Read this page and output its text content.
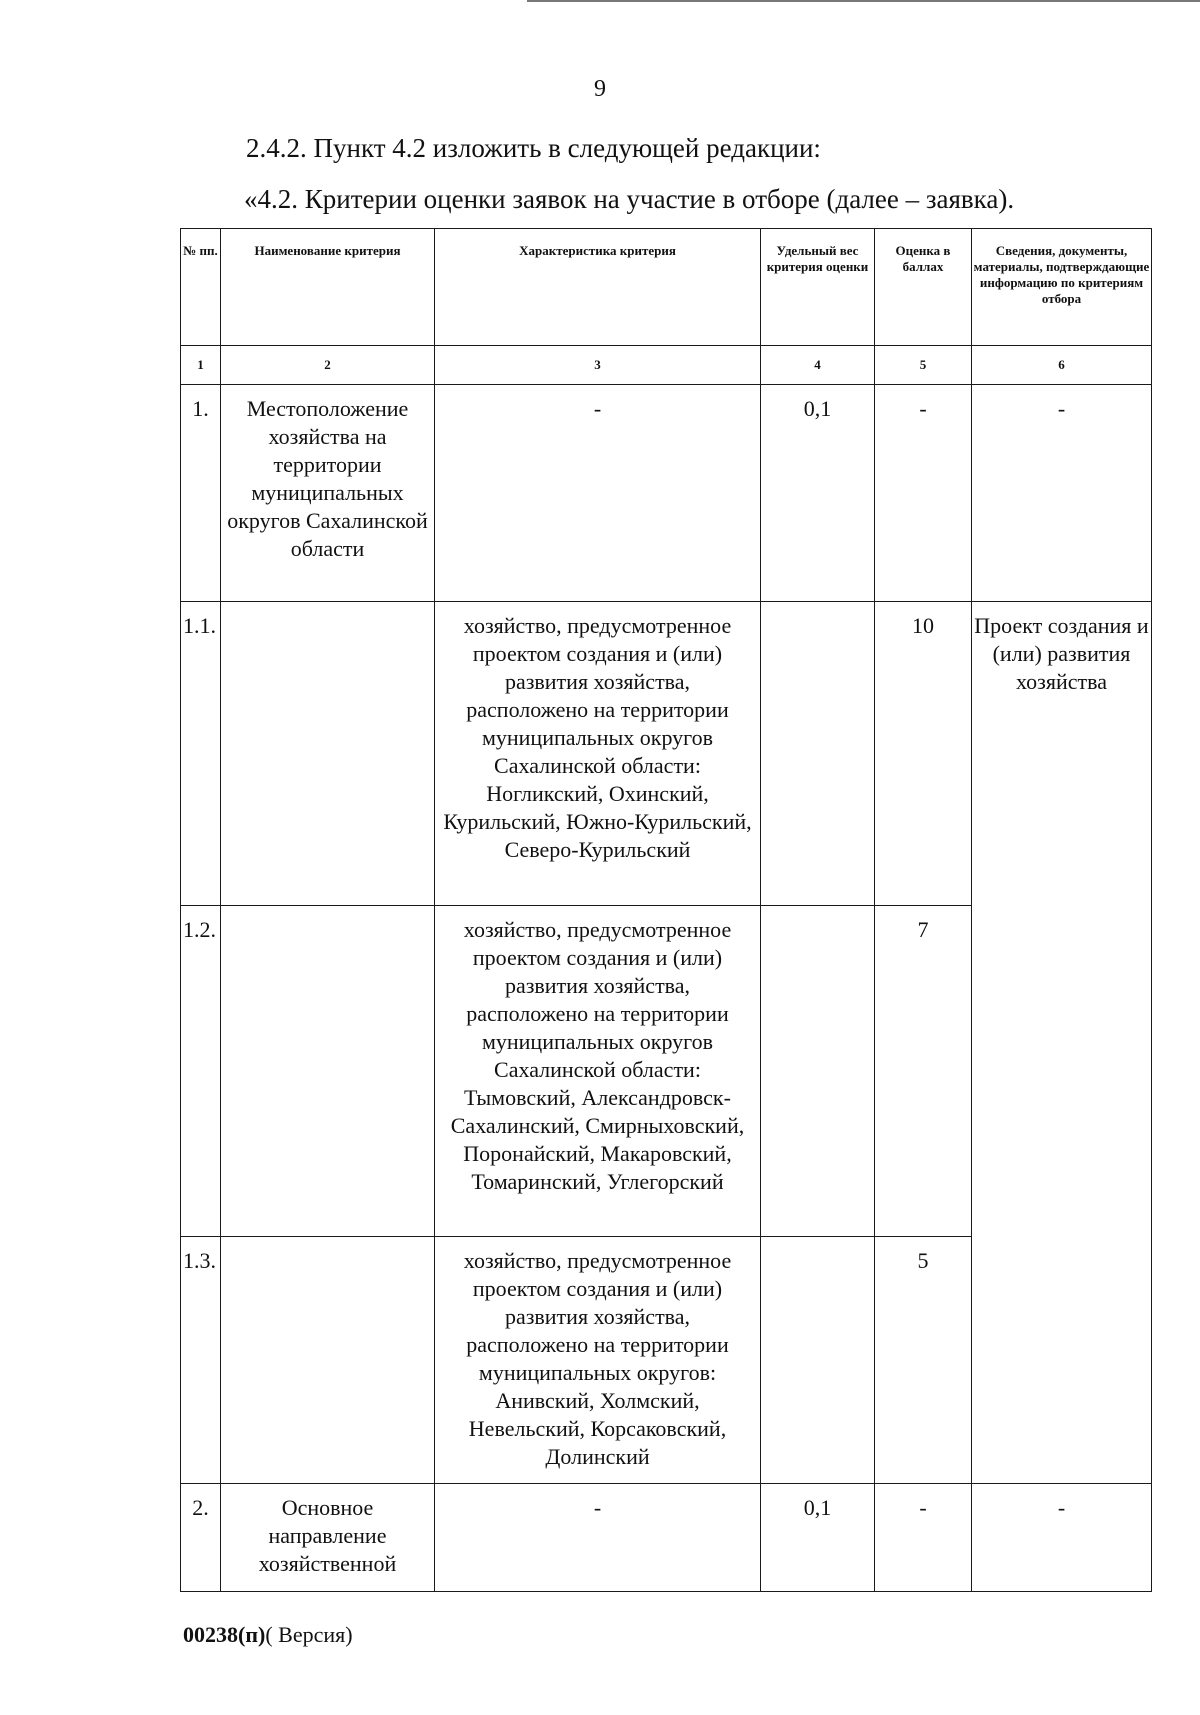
9
2.4.2. Пункт 4.2 изложить в следующей редакции:
«4.2. Критерии оценки заявок на участие в отборе (далее – заявка).
№ пп.	Наименование критерия	Характеристика критерия	Удельный вес критерия оценки	Оценка в баллах	Сведения, документы, материалы, подтверждающие информацию по критериям отбора
1	2	3	4	5	6
1.	Местоположение хозяйства на территории муниципальных округов Сахалинской области	-	0,1	-	-
1.1.		хозяйство, предусмотренное проектом создания и (или) развития хозяйства, расположено на территории муниципальных округов Сахалинской области: Ногликский, Охинский, Курильский, Южно-Курильский, Северо-Курильский		10	Проект создания и (или) развития хозяйства
1.2.		хозяйство, предусмотренное проектом создания и (или) развития хозяйства, расположено на территории муниципальных округов Сахалинской области: Тымовский, Александровск-Сахалинский, Смирныховский, Поронайский, Макаровский, Томаринский, Углегорский		7	
1.3.		хозяйство, предусмотренное проектом создания и (или) развития хозяйства, расположено на территории муниципальных округов: Анивский, Холмский, Невельский, Корсаковский, Долинский		5	
2.	Основное направление хозяйственной	-	0,1	-	-
00238(п)( Версия)
